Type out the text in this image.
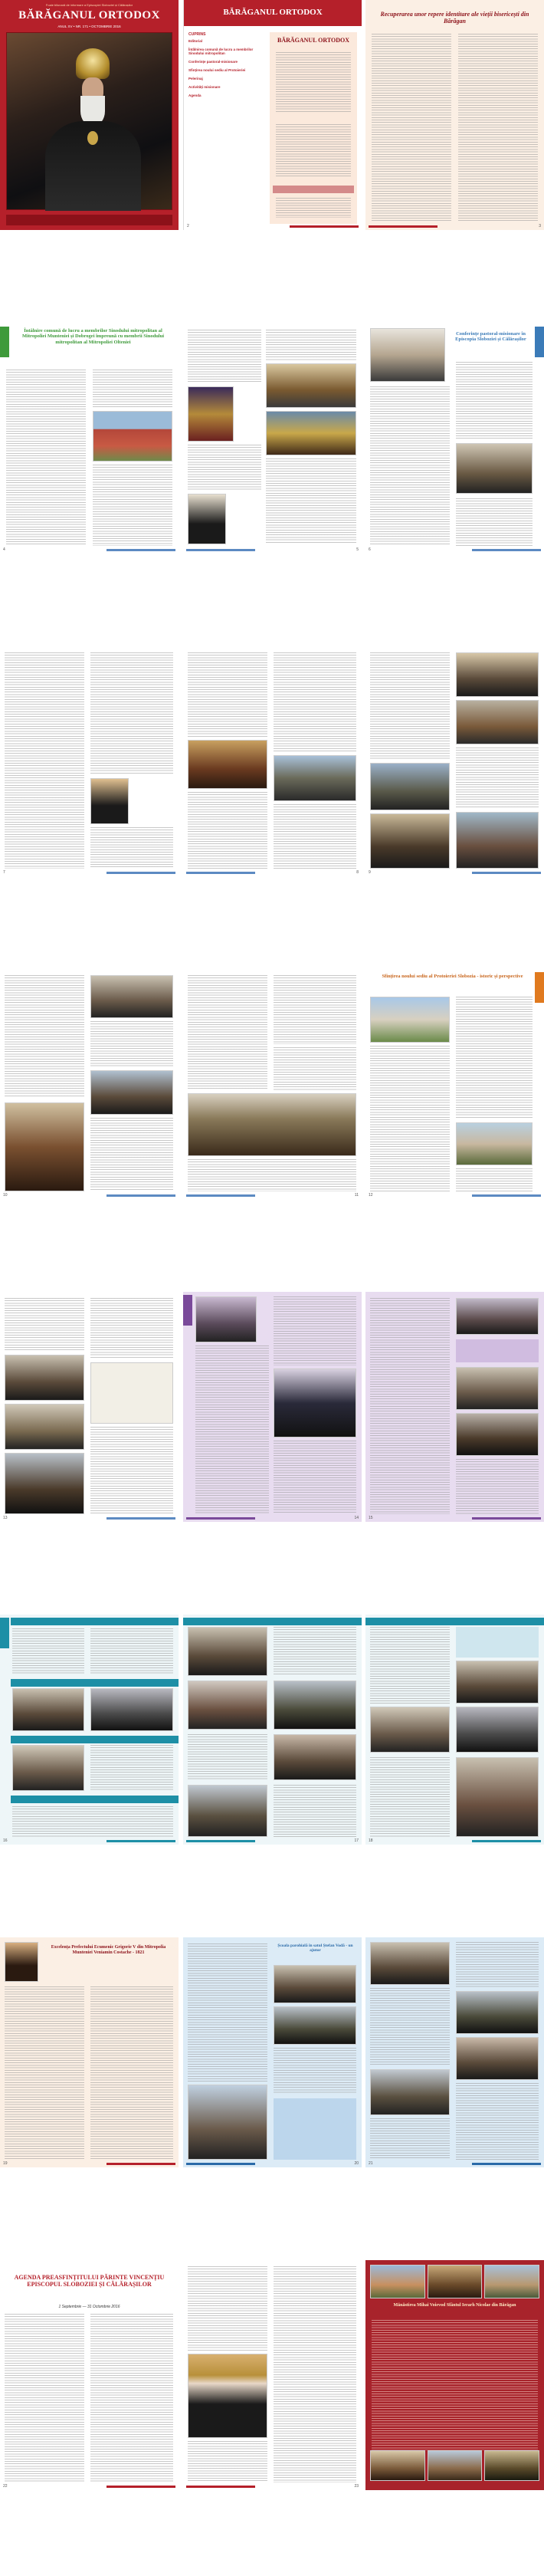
Foaie bilunară de informare a Episcopiei Sloboziei și Călărașilor
BĂRĂGANUL ORTODOX
ANUL XV • NR. 171 • OCTOMBRIE 2016
BĂRĂGANUL ORTODOX
CUPRINS
Editorial
Întâlnirea comună de lucru a membrilor Sinodului mitropolitan
Conferințe pastoral-misionare
Sfințirea noului sediu al Protoieriei
Pelerinaj
Activități misionare
Agenda
BĂRĂGANUL ORTODOX
2
Recuperarea unor repere identitare ale vieții bisericești din Bărăgan
3
Întâlnire comună de lucru a membrilor Sinodului mitropolitan al Mitropoliei Munteniei și Dobrogei împreună cu membrii Sinodului mitropolitan al Mitropoliei Olteniei
4	5
Conferințe pastoral-misionare în Episcopia Sloboziei și Călărașilor
6
7	8	9
10	11
Sfințirea noului sediu al Protoieriei Slobozia - istoric și perspective
12
13	14	15
16	17	18
Excelența Prefectului Ecumenic Grigorie V din Mitropolia Munteniei Veniamin Costache - 1821
19
Școala parohială în satul Ștefan Vodă - un ajutor
20	21
AGENDA PREASFINȚITULUI PĂRINTE VINCENȚIU EPISCOPUL SLOBOZIEI ȘI CĂLĂRAȘILOR
1 Septembrie — 31 Octombrie 2016
22	23
Mănăstirea Mihai Voievod Sfântul Ierarh Nicolae din Bărăgan
